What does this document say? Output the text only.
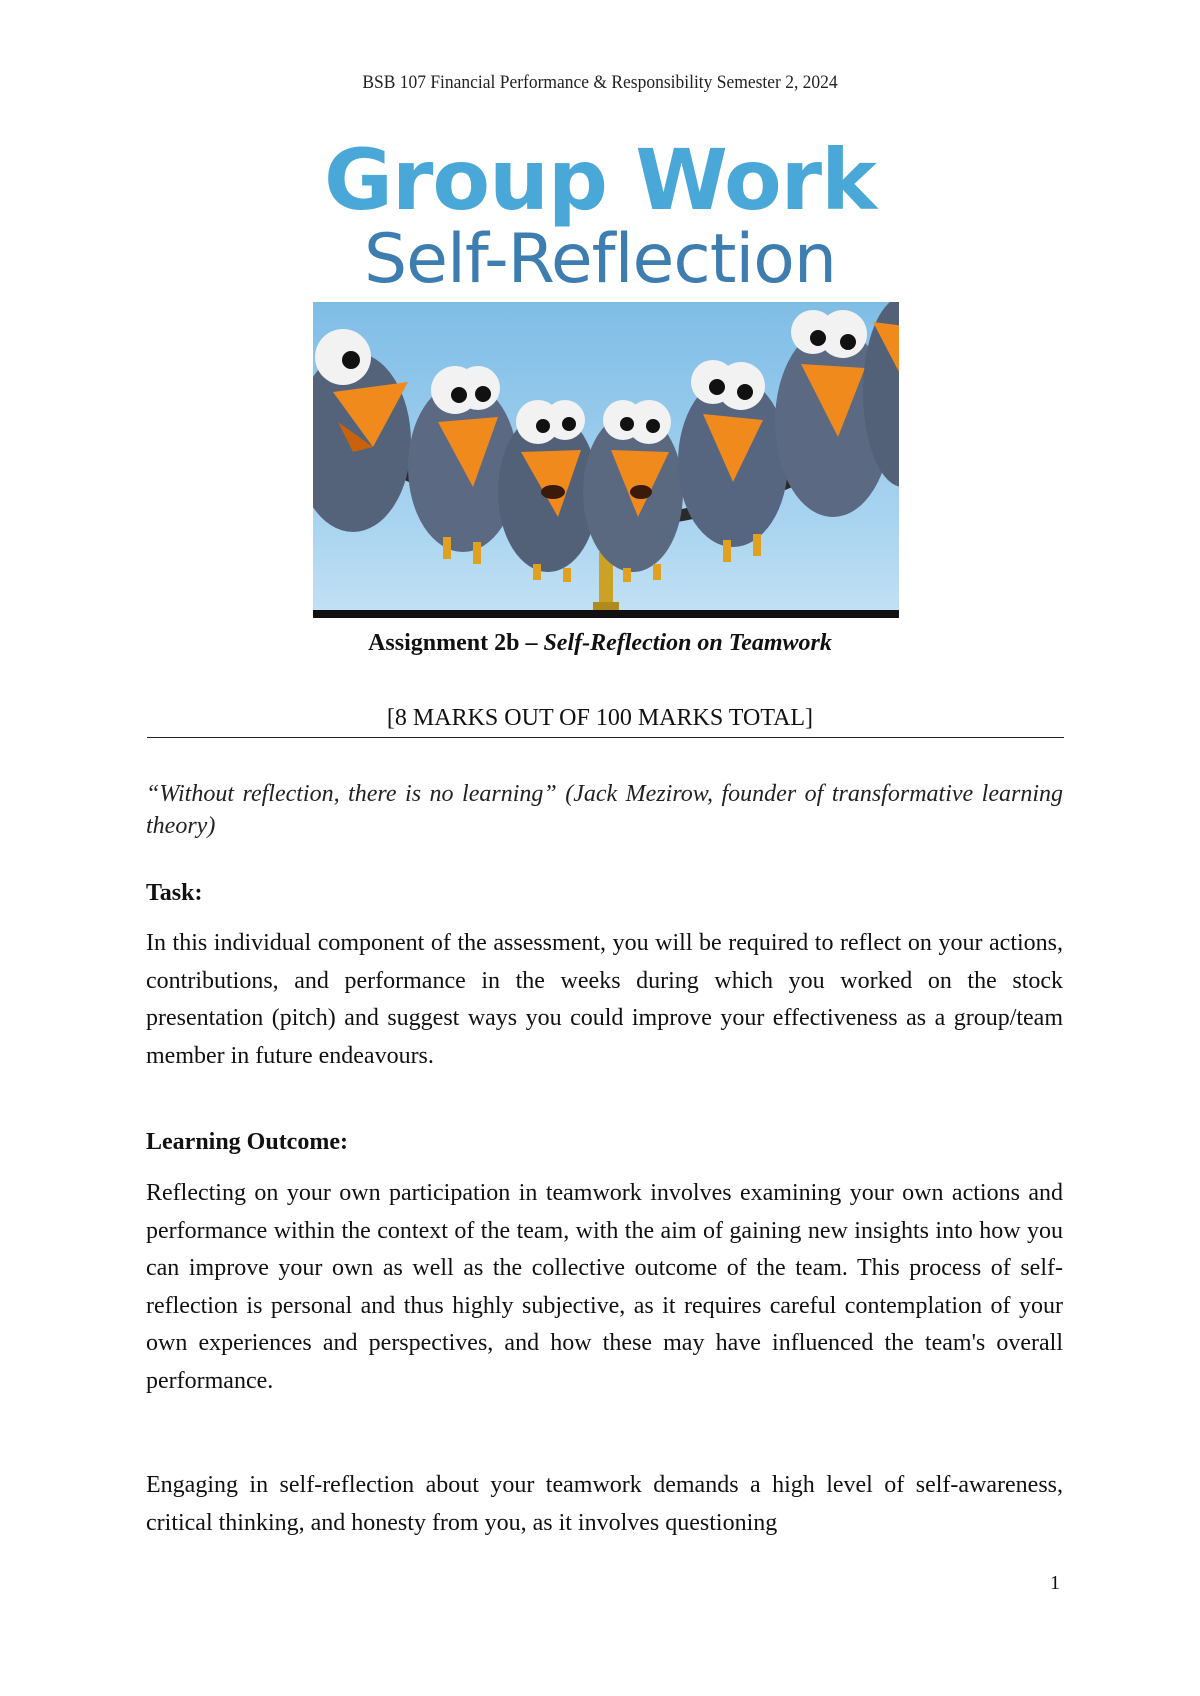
BSB 107 Financial Performance & Responsibility Semester 2, 2024
Group Work
Self-Reflection
Assignment 2b – Self-Reflection on Teamwork
[8 MARKS OUT OF 100 MARKS TOTAL]
“Without reflection, there is no learning” (Jack Mezirow, founder of transformative learning theory)
Task:
In this individual component of the assessment, you will be required to reflect on your actions, contributions, and performance in the weeks during which you worked on the stock presentation (pitch) and suggest ways you could improve your effectiveness as a group/team member in future endeavours.
Learning Outcome:
Reflecting on your own participation in teamwork involves examining your own actions and performance within the context of the team, with the aim of gaining new insights into how you can improve your own as well as the collective outcome of the team. This process of self-reflection is personal and thus highly subjective, as it requires careful contemplation of your own experiences and perspectives, and how these may have influenced the team's overall performance.
Engaging in self-reflection about your teamwork demands a high level of self-awareness, critical thinking, and honesty from you, as it involves questioning
1
